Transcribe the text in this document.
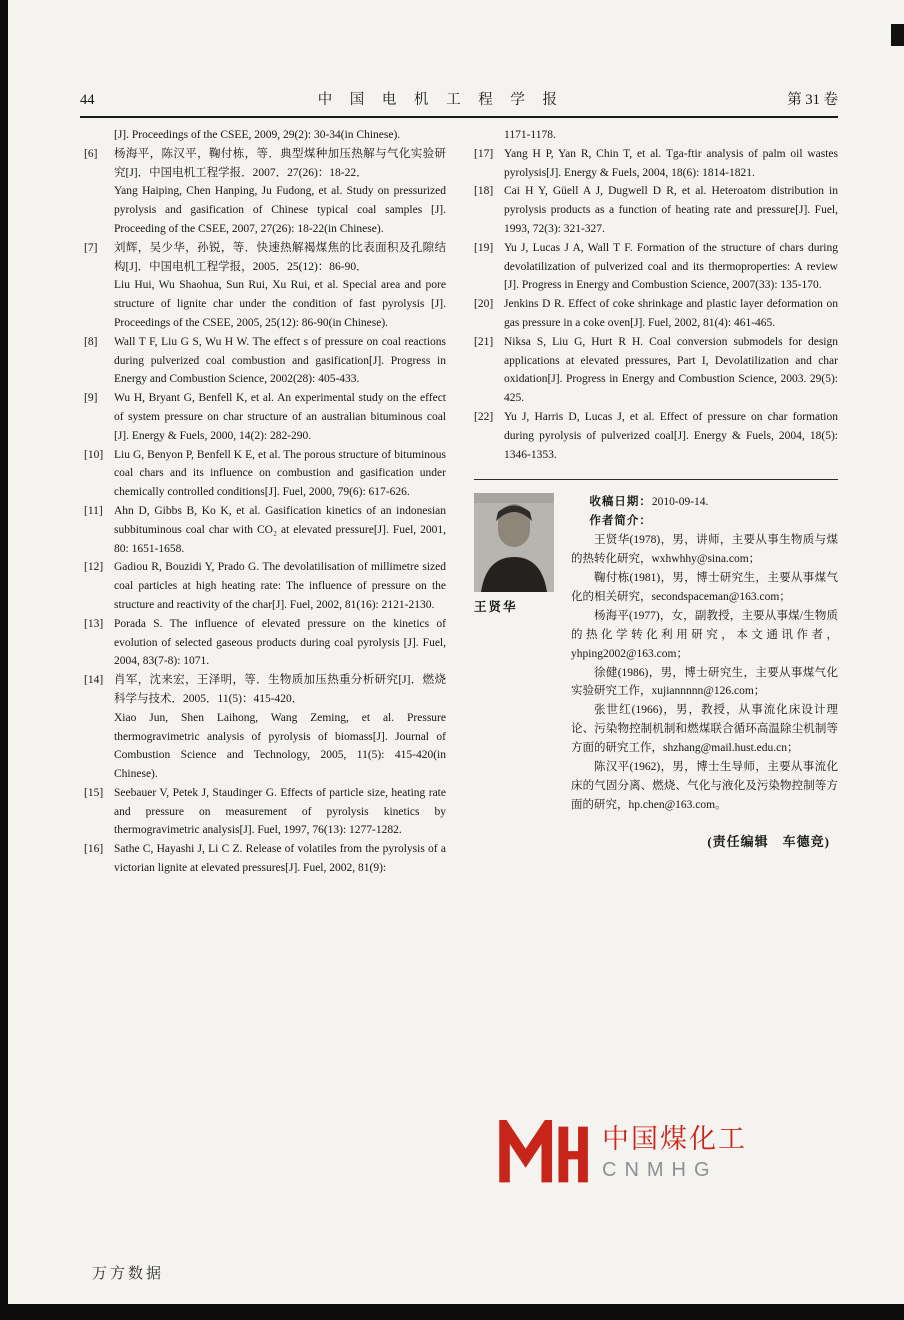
44	中 国 电 机 工 程 学 报	第 31 卷

[J]. Proceedings of the CSEE, 2009, 29(2): 30-34(in Chinese).

[6]	杨海平，陈汉平，鞠付栋，等．典型煤种加压热解与气化实验研究[J]．中国电机工程学报．2007．27(26)：18-22．

Yang Haiping, Chen Hanping, Ju Fudong, et al. Study on pressurized pyrolysis and gasification of Chinese typical coal samples [J]. Proceeding of the CSEE, 2007, 27(26): 18-22(in Chinese).

[7]	刘辉，吴少华，孙锐，等．快速热解褐煤焦的比表面积及孔隙结构[J]．中国电机工程学报，2005．25(12)：86-90．

Liu Hui, Wu Shaohua, Sun Rui, Xu Rui, et al. Special area and pore structure of lignite char under the condition of fast pyrolysis [J]. Proceedings of the CSEE, 2005, 25(12): 86-90(in Chinese).

[8]	Wall T F, Liu G S, Wu H W. The effect s of pressure on coal reactions during pulverized coal combustion and gasification[J]. Progress in Energy and Combustion Science, 2002(28): 405-433.

[9]	Wu H, Bryant G, Benfell K, et al. An experimental study on the effect of system pressure on char structure of an australian bituminous coal [J]. Energy & Fuels, 2000, 14(2): 282-290.

[10] Liu G, Benyon P, Benfell K E, et al. The porous structure of bituminous coal chars and its influence on combustion and gasification under chemically controlled conditions[J]. Fuel, 2000, 79(6): 617-626.

[11] Ahn D, Gibbs B, Ko K, et al. Gasification kinetics of an indonesian subbituminous coal char with CO₂ at elevated pressure[J]. Fuel, 2001, 80: 1651-1658.

[12] Gadiou R, Bouzidi Y, Prado G. The devolatilisation of millimetre sized coal particles at high heating rate: The influence of pressure on the structure and reactivity of the char[J]. Fuel, 2002, 81(16): 2121-2130.

[13] Porada S. The influence of elevated pressure on the kinetics of evolution of selected gaseous products during coal pyrolysis [J]. Fuel, 2004, 83(7-8): 1071.

[14] 肖军，沈来宏，王泽明，等．生物质加压热重分析研究[J]．燃烧科学与技术．2005．11(5)：415-420．

Xiao Jun, Shen Laihong, Wang Zeming, et al. Pressure thermogravimetric analysis of pyrolysis of biomass[J]. Journal of Combustion Science and Technology, 2005, 11(5): 415-420(in Chinese).

[15] Seebauer V, Petek J, Staudinger G. Effects of particle size, heating rate and pressure on measurement of pyrolysis kinetics by thermogravimetric analysis[J]. Fuel, 1997, 76(13): 1277-1282.

[16] Sathe C, Hayashi J, Li C Z. Release of volatiles from the pyrolysis of a victorian lignite at elevated pressures[J]. Fuel, 2002, 81(9):

1171-1178.

[17] Yang H P, Yan R, Chin T, et al. Tga-ftir analysis of palm oil wastes pyrolysis[J]. Energy & Fuels, 2004, 18(6): 1814-1821.

[18] Cai H Y, Güell A J, Dugwell D R, et al. Heteroatom distribution in pyrolysis products as a function of heating rate and pressure[J]. Fuel, 1993, 72(3): 321-327.

[19] Yu J, Lucas J A, Wall T F. Formation of the structure of chars during devolatilization of pulverized coal and its thermoproperties: A review [J]. Progress in Energy and Combustion Science, 2007(33): 135-170.

[20] Jenkins D R. Effect of coke shrinkage and plastic layer deformation on gas pressure in a coke oven[J]. Fuel, 2002, 81(4): 461-465.

[21] Niksa S, Liu G, Hurt R H. Coal conversion submodels for design applications at elevated pressures, Part I, Devolatilization and char oxidation[J]. Progress in Energy and Combustion Science, 2003. 29(5): 425.

[22] Yu J, Harris D, Lucas J, et al. Effect of pressure on char formation during pyrolysis of pulverized coal[J]. Energy & Fuels, 2004, 18(5): 1346-1353.

王贤华

收稿日期：2010-09-14.

作者简介：

王贤华(1978)，男，讲师，主要从事生物质与煤的热转化研究，wxhwhhy@sina.com；

鞠付栋(1981)，男，博士研究生，主要从事煤气化的相关研究，secondspaceman@163.com；

杨海平(1977)，女，副教授，主要从事煤/生物质的热化学转化利用研究，本文通讯作者，yhping2002@163.com；

徐健(1986)，男，博士研究生，主要从事煤气化实验研究工作，xujiannnnn@126.com；

张世红(1966)，男，教授，从事流化床设计理论、污染物控制机制和燃煤联合循环高温除尘机制等方面的研究工作，shzhang@mail.hust.edu.cn；

陈汉平(1962)，男，博士生导师，主要从事流化床的气固分离、燃烧、气化与液化及污染物控制等方面的研究，hp.chen@163.com。

(责任编辑　车德竞)
中国煤化工
CNMHG
万方数据
